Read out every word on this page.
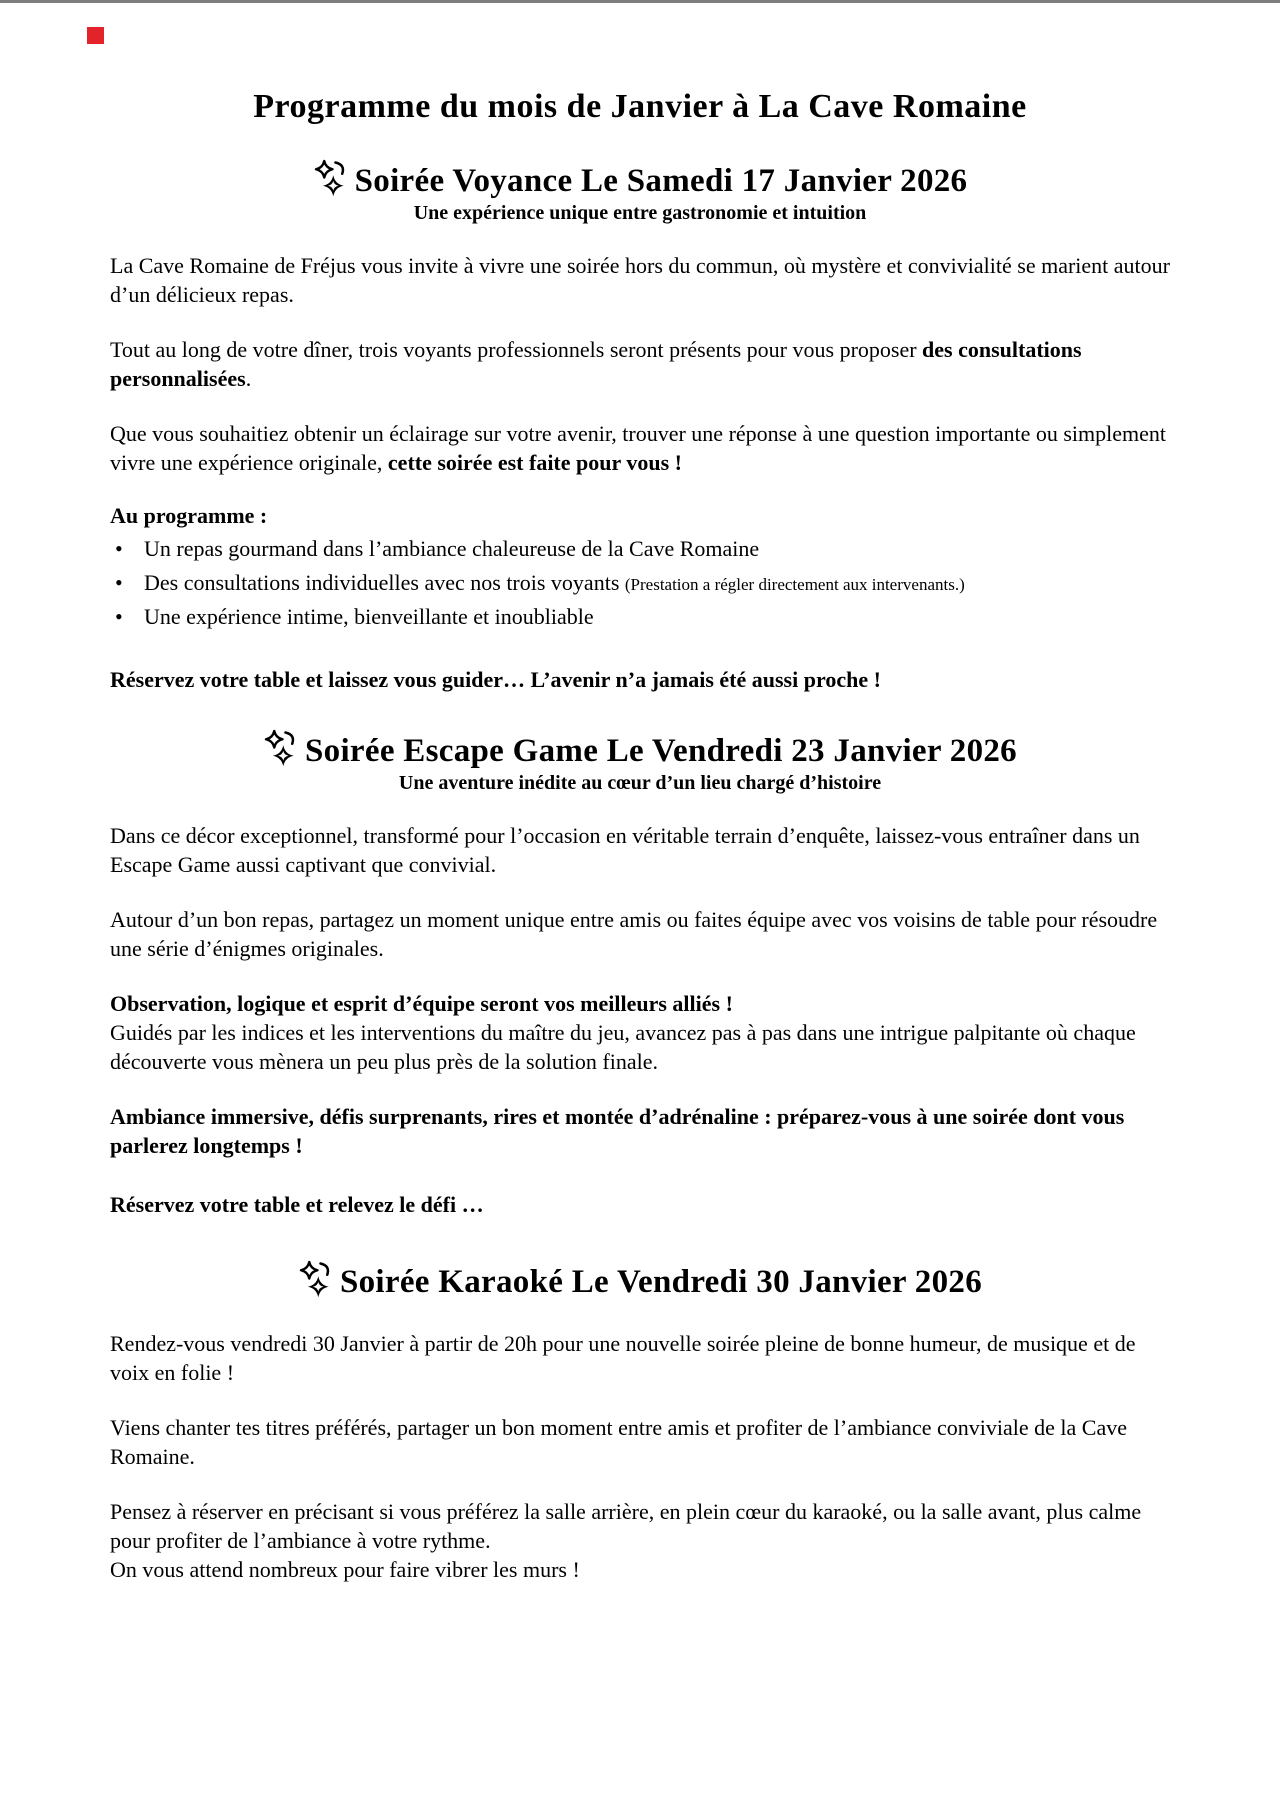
Programme du mois de Janvier à La Cave Romaine
Soirée Voyance Le Samedi 17 Janvier 2026
Une expérience unique entre gastronomie et intuition
La Cave Romaine de Fréjus vous invite à vivre une soirée hors du commun, où mystère et convivialité se marient autour d’un délicieux repas.
Tout au long de votre dîner, trois voyants professionnels seront présents pour vous proposer des consultations personnalisées.
Que vous souhaitiez obtenir un éclairage sur votre avenir, trouver une réponse à une question importante ou simplement vivre une expérience originale, cette soirée est faite pour vous !
Au programme :
• Un repas gourmand dans l’ambiance chaleureuse de la Cave Romaine
• Des consultations individuelles avec nos trois voyants (Prestation a régler directement aux intervenants.)
• Une expérience intime, bienveillante et inoubliable
Réservez votre table et laissez vous guider… L’avenir n’a jamais été aussi proche !
Soirée Escape Game Le Vendredi 23 Janvier 2026
Une aventure inédite au cœur d’un lieu chargé d’histoire
Dans ce décor exceptionnel, transformé pour l’occasion en véritable terrain d’enquête, laissez-vous entraîner dans un Escape Game aussi captivant que convivial.
Autour d’un bon repas, partagez un moment unique entre amis ou faites équipe avec vos voisins de table pour résoudre une série d’énigmes originales.
Observation, logique et esprit d’équipe seront vos meilleurs alliés !
Guidés par les indices et les interventions du maître du jeu, avancez pas à pas dans une intrigue palpitante où chaque découverte vous mènera un peu plus près de la solution finale.
Ambiance immersive, défis surprenants, rires et montée d’adrénaline : préparez-vous à une soirée dont vous parlerez longtemps !
Réservez votre table et relevez le défi …
Soirée Karaoké Le Vendredi 30 Janvier 2026
Rendez-vous vendredi 30 Janvier à partir de 20h pour une nouvelle soirée pleine de bonne humeur, de musique et de voix en folie !
Viens chanter tes titres préférés, partager un bon moment entre amis et profiter de l’ambiance conviviale de la Cave Romaine.
Pensez à réserver en précisant si vous préférez la salle arrière, en plein cœur du karaoké, ou la salle avant, plus calme pour profiter de l’ambiance à votre rythme.
On vous attend nombreux pour faire vibrer les murs !
